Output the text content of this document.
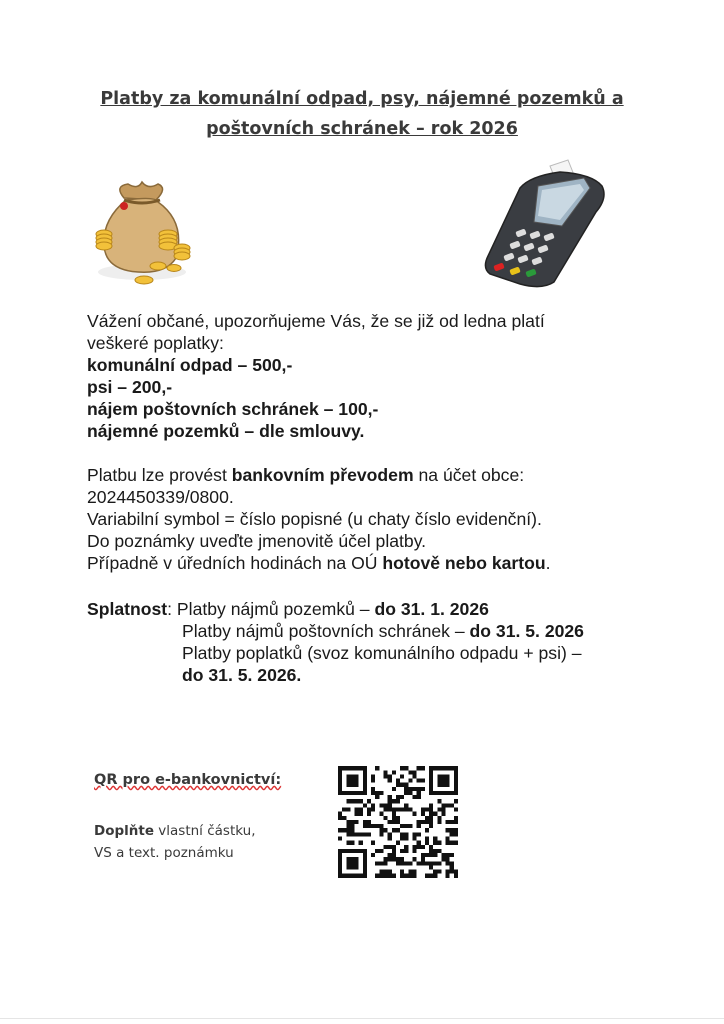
Platby za komunální odpad, psy, nájemné pozemků a
poštovních schránek – rok 2026

Vážení občané, upozorňujeme Vás, že se již od ledna platí

veškeré poplatky:

komunální odpad – 500,-

psi – 200,-

nájem poštovních schránek – 100,-

nájemné pozemků – dle smlouvy.

Platbu lze provést bankovním převodem na účet obce:

2024450339/0800.

Variabilní symbol = číslo popisné (u chaty číslo evidenční).

Do poznámky uveďte jmenovitě účel platby.

Případně v úředních hodinách na OÚ hotově nebo kartou.

Splatnost: Platby nájmů pozemků – do 31. 1. 2026
Platby nájmů poštovních schránek – do 31. 5. 2026
Platby poplatků (svoz komunálního odpadu + psi) –
do 31. 5. 2026.
QR pro e-bankovnictví:
Doplňte vlastní částku,
VS a text. poznámku
